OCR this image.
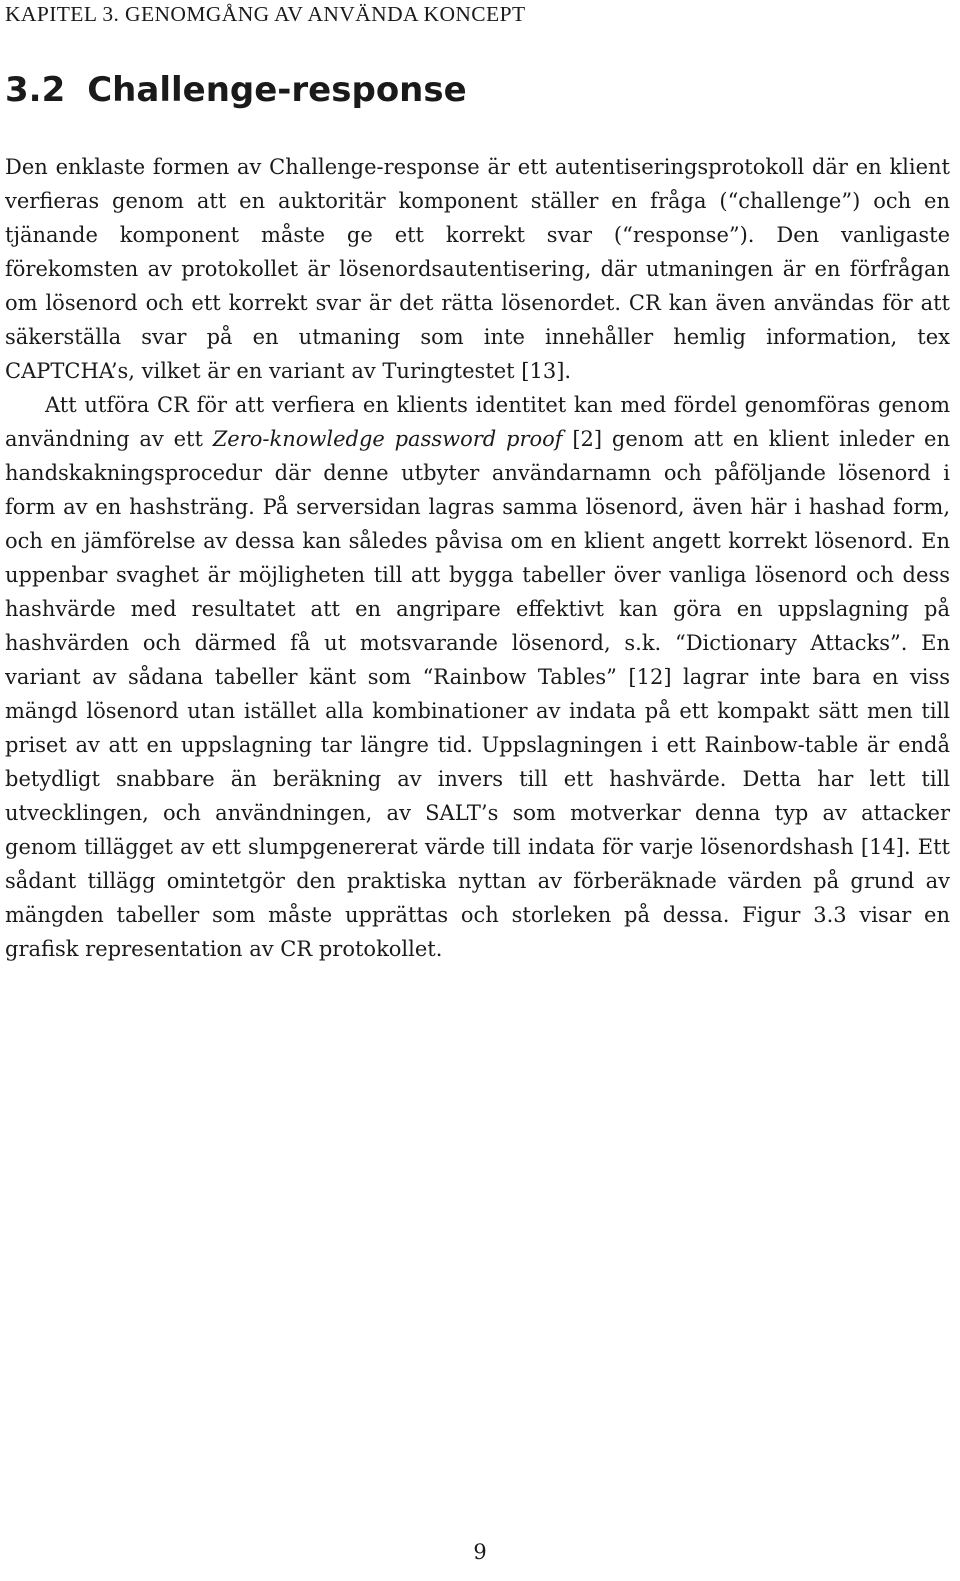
KAPITEL 3. GENOMGÅNG AV ANVÄNDA KONCEPT
3.2 Challenge-response

Den enklaste formen av Challenge-response är ett autentiseringsprotokoll där en klient verfieras genom att en auktoritär komponent ställer en fråga (“challenge”) och en tjänande komponent måste ge ett korrekt svar (“response”). Den vanligaste förekomsten av protokollet är lösenordsautentisering, där utmaningen är en förfrågan om lösenord och ett korrekt svar är det rätta lösenordet. CR kan även användas för att säkerställa svar på en utmaning som inte innehåller hemlig information, tex CAPTCHA’s, vilket är en variant av Turingtestet [13].

Att utföra CR för att verfiera en klients identitet kan med fördel genomföras genom användning av ett Zero-knowledge password proof [2] genom att en klient inleder en handskakningsprocedur där denne utbyter användarnamn och påföljande lösenord i form av en hashsträng. På serversidan lagras samma lösenord, även här i hashad form, och en jämförelse av dessa kan således påvisa om en klient angett korrekt lösenord. En uppenbar svaghet är möjligheten till att bygga tabeller över vanliga lösenord och dess hashvärde med resultatet att en angripare effektivt kan göra en uppslagning på hashvärden och därmed få ut motsvarande lösenord, s.k. “Dictionary Attacks”. En variant av sådana tabeller känt som “Rainbow Tables” [12] lagrar inte bara en viss mängd lösenord utan istället alla kombinationer av indata på ett kompakt sätt men till priset av att en uppslagning tar längre tid. Uppslagningen i ett Rainbow-table är endå betydligt snabbare än beräkning av invers till ett hashvärde. Detta har lett till utvecklingen, och användningen, av SALT’s som motverkar denna typ av attacker genom tillägget av ett slumpgenererat värde till indata för varje lösenordshash [14]. Ett sådant tillägg omintetgör den praktiska nyttan av förberäknade värden på grund av mängden tabeller som måste upprättas och storleken på dessa. Figur 3.3 visar en grafisk representation av CR protokollet.

9
